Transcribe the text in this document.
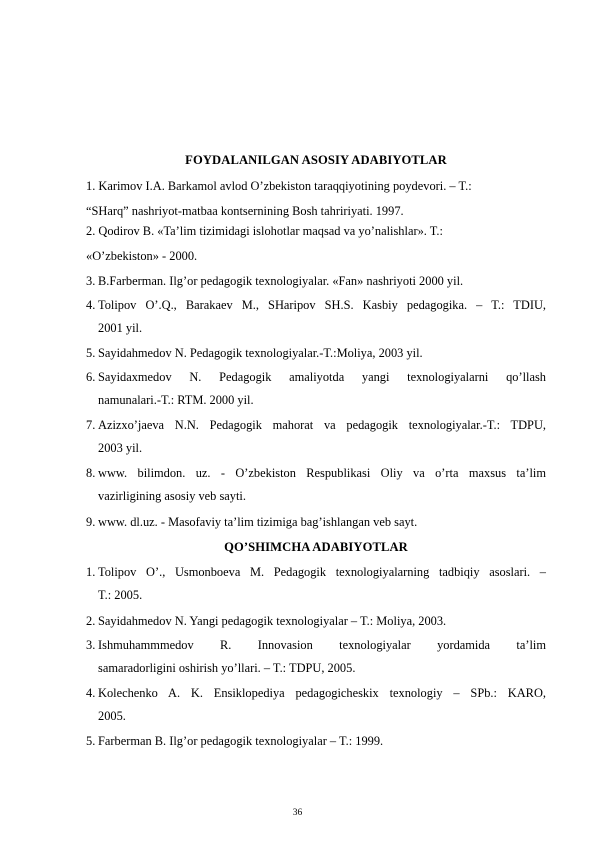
FOYDALANILGAN ASOSIY ADABIYOTLAR
1. Karimov I.A. Barkamol avlod O’zbekiston taraqqiyotining poydevori. – T.:
“SHarq” nashriyot-matbaa kontsernining Bosh tahririyati. 1997.
2. Qodirov B. «Ta’lim tizimidagi islohotlar maqsad va yo’nalishlar». T.:
«O’zbekiston» - 2000.
3. B.Farberman. Ilg’or pedagogik texnologiyalar. «Fan» nashriyoti 2000 yil.
4. Tolipov O’.Q., Barakaev M., SHaripov SH.S. Kasbiy pedagogika. – T.: TDIU,
2001 yil.
5. Sayidahmedov N. Pedagogik texnologiyalar.-T.:Moliya, 2003 yil.
6. Sayidaxmedov N. Pedagogik amaliyotda yangi texnologiyalarni qo’llash
namunalari.-T.: RTM. 2000 yil.
7. Azizxo’jaeva N.N. Pedagogik mahorat va pedagogik texnologiyalar.-T.: TDPU,
2003 yil.
8. www. bilimdon. uz. - O’zbekiston Respublikasi Oliy va o’rta maxsus ta’lim
vazirligining asosiy veb sayti.
9. www. dl.uz. - Masofaviy ta’lim tizimiga bag’ishlangan veb sayt.
QO’SHIMCHA ADABIYOTLAR
1. Tolipov O’., Usmonboeva M. Pedagogik texnologiyalarning tadbiqiy asoslari. –
T.: 2005.
2. Sayidahmedov N. Yangi pedagogik texnologiyalar – T.: Moliya, 2003.
3. Ishmuhammmedov R. Innovasion texnologiyalar yordamida ta’lim
samaradorligini oshirish yo’llari. – T.: TDPU, 2005.
4. Kolechenko A. K. Ensiklopediya pedagogicheskix texnologiy – SPb.: KARO,
2005.
5. Farberman B. Ilg’or pedagogik texnologiyalar – T.: 1999.
36
